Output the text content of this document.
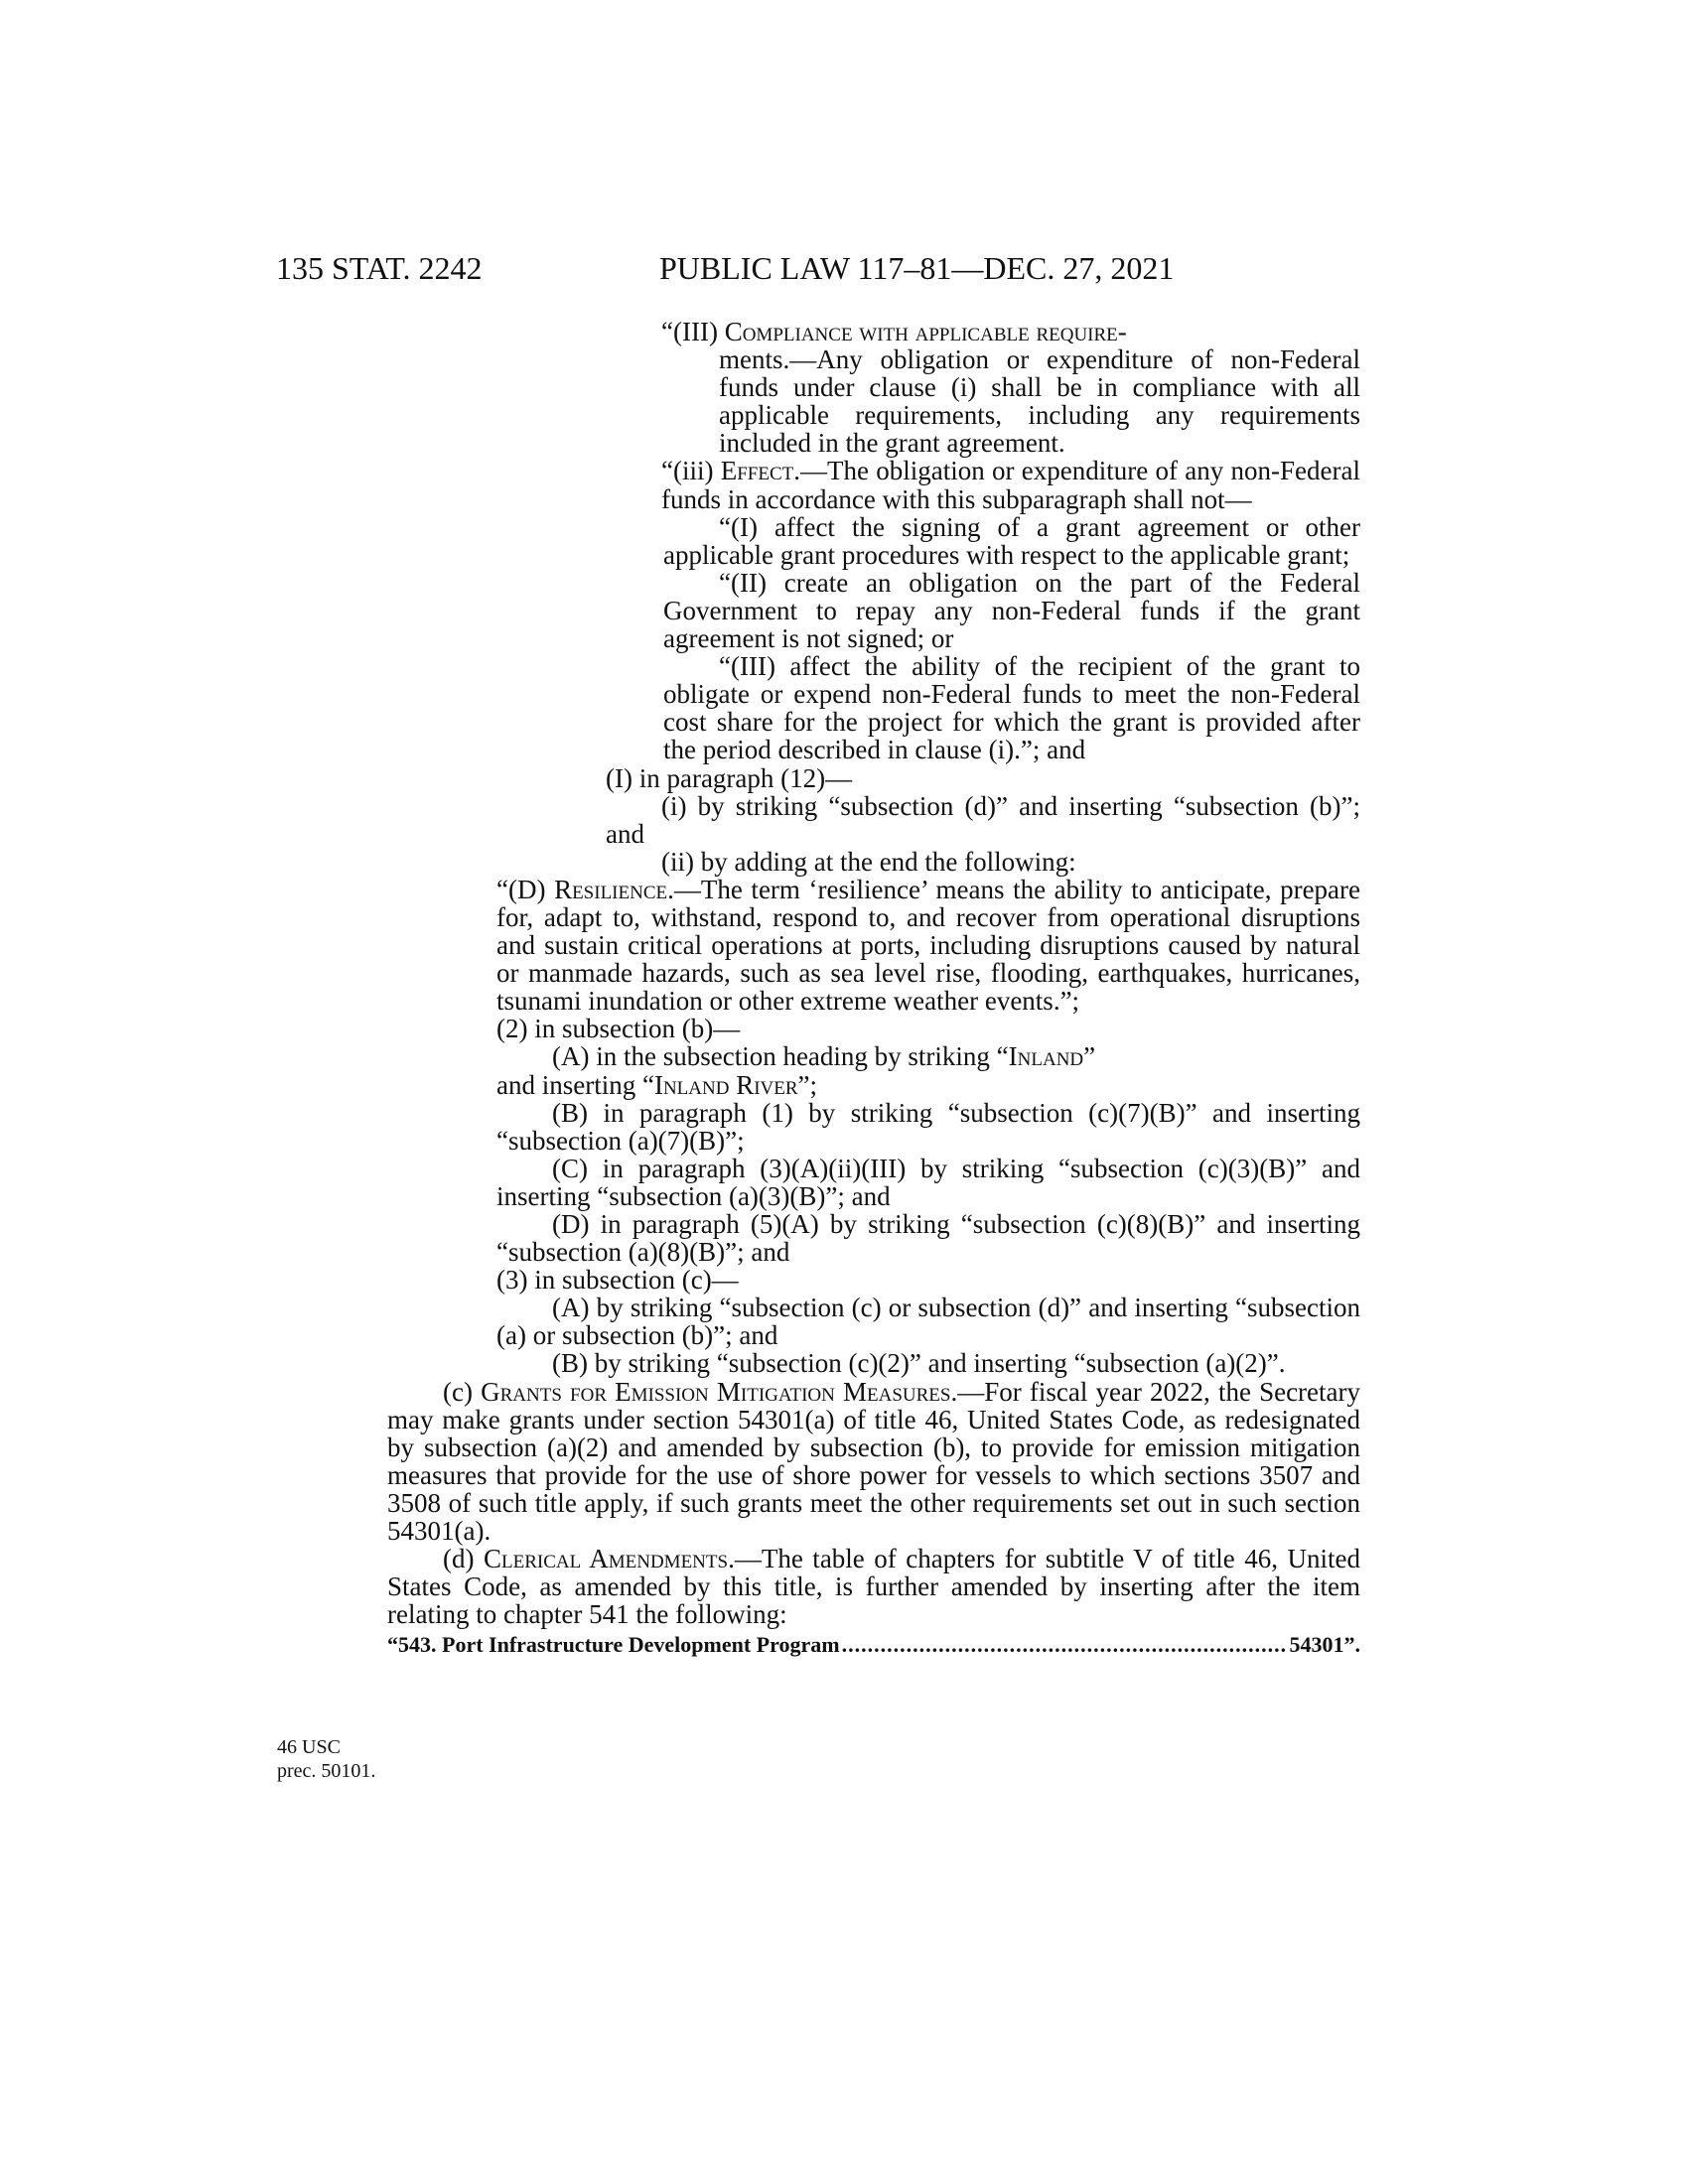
135 STAT. 2242	PUBLIC LAW 117–81—DEC. 27, 2021
46 USC
prec. 50101.

“(III) Compliance with applicable require-

ments.—Any obligation or expenditure of non-Federal funds under clause (i) shall be in compliance with all applicable requirements, including any requirements included in the grant agreement.

“(iii) Effect.—The obligation or expenditure of any non-Federal funds in accordance with this subparagraph shall not—

“(I) affect the signing of a grant agreement or other applicable grant procedures with respect to the applicable grant;

“(II) create an obligation on the part of the Federal Government to repay any non-Federal funds if the grant agreement is not signed; or

“(III) affect the ability of the recipient of the grant to obligate or expend non-Federal funds to meet the non-Federal cost share for the project for which the grant is provided after the period described in clause (i).”; and

(I) in paragraph (12)—

(i) by striking “subsection (d)” and inserting “subsection (b)”; and

(ii) by adding at the end the following:

“(D) Resilience.—The term ‘resilience’ means the ability to anticipate, prepare for, adapt to, withstand, respond to, and recover from operational disruptions and sustain critical operations at ports, including disruptions caused by natural or manmade hazards, such as sea level rise, flooding, earthquakes, hurricanes, tsunami inundation or other extreme weather events.”;

(2) in subsection (b)—

(A) in the subsection heading by striking “Inland”

and inserting “Inland River”;

(B) in paragraph (1) by striking “subsection (c)(7)(B)” and inserting “subsection (a)(7)(B)”;

(C) in paragraph (3)(A)(ii)(III) by striking “subsection (c)(3)(B)” and inserting “subsection (a)(3)(B)”; and

(D) in paragraph (5)(A) by striking “subsection (c)(8)(B)” and inserting “subsection (a)(8)(B)”; and

(3) in subsection (c)—

(A) by striking “subsection (c) or subsection (d)” and inserting “subsection (a) or subsection (b)”; and

(B) by striking “subsection (c)(2)” and inserting “subsection (a)(2)”.

(c) Grants for Emission Mitigation Measures.—For fiscal year 2022, the Secretary may make grants under section 54301(a) of title 46, United States Code, as redesignated by subsection (a)(2) and amended by subsection (b), to provide for emission mitigation measures that provide for the use of shore power for vessels to which sections 3507 and 3508 of such title apply, if such grants meet the other requirements set out in such section 54301(a).

(d) Clerical Amendments.—The table of chapters for subtitle V of title 46, United States Code, as amended by this title, is further amended by inserting after the item relating to chapter 541 the following:

“543. Port Infrastructure Development Program
.....	54301”.
